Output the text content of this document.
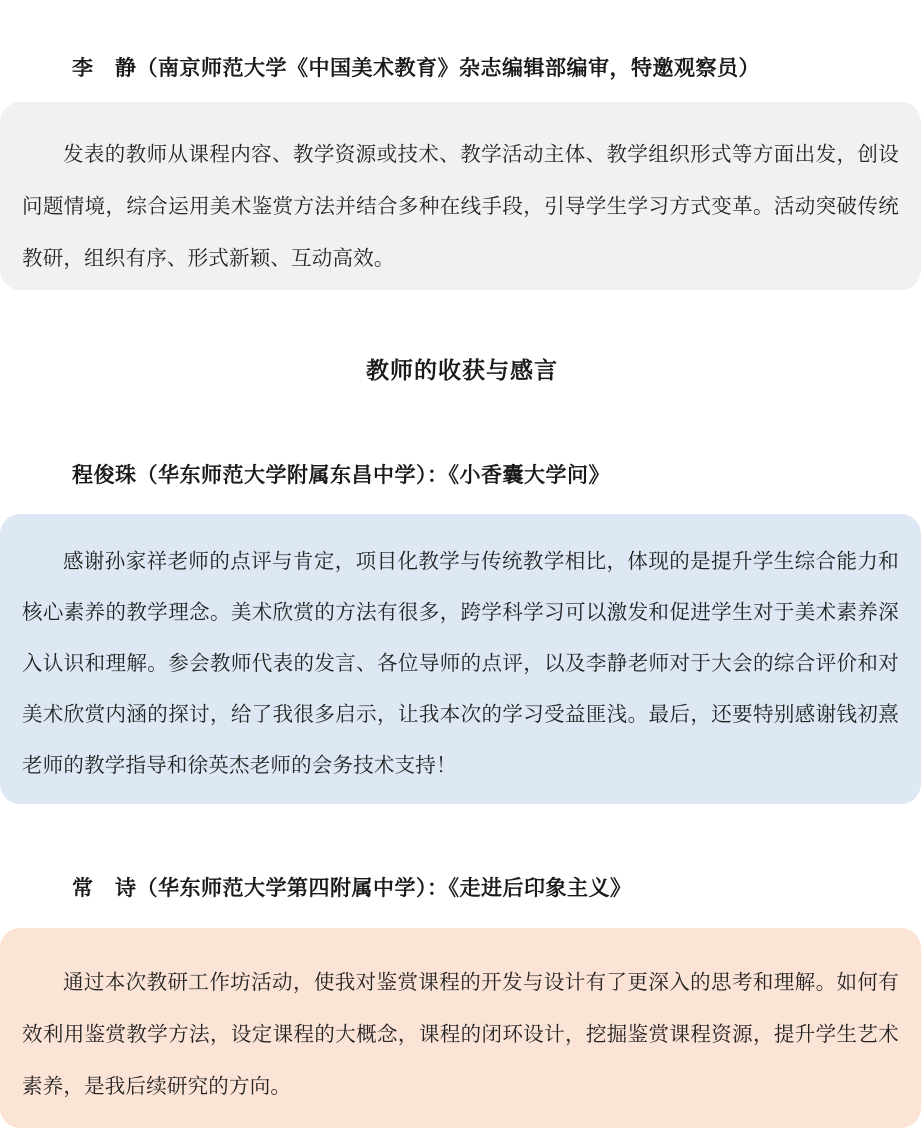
李　静（南京师范大学《中国美术教育》杂志编辑部编审，特邀观察员）

发表的教师从课程内容、教学资源或技术、教学活动主体、教学组织形式等方面出发，创设问题情境，综合运用美术鉴赏方法并结合多种在线手段，引导学生学习方式变革。活动突破传统教研，组织有序、形式新颖、互动高效。

教师的收获与感言
程俊珠（华东师范大学附属东昌中学）：《小香囊大学问》

感谢孙家祥老师的点评与肯定，项目化教学与传统教学相比，体现的是提升学生综合能力和核心素养的教学理念。美术欣赏的方法有很多，跨学科学习可以激发和促进学生对于美术素养深入认识和理解。参会教师代表的发言、各位导师的点评，以及李静老师对于大会的综合评价和对美术欣赏内涵的探讨，给了我很多启示，让我本次的学习受益匪浅。最后，还要特别感谢钱初熹老师的教学指导和徐英杰老师的会务技术支持！

常　诗（华东师范大学第四附属中学）：《走进后印象主义》

通过本次教研工作坊活动，使我对鉴赏课程的开发与设计有了更深入的思考和理解。如何有效利用鉴赏教学方法，设定课程的大概念，课程的闭环设计，挖掘鉴赏课程资源，提升学生艺术素养，是我后续研究的方向。
